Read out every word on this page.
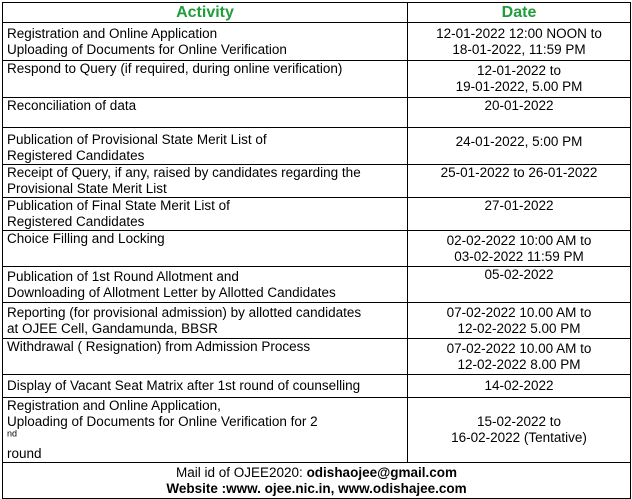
Activity	Date

Registration and Online Application
Uploading of Documents for Online Verification	12-01-2022 12:00 NOON to
18-01-2022, 11:59 PM

Respond to Query (if required, during online verification)	12-01-2022 to
19-01-2022, 5.00 PM

Reconciliation of data	20-01-2022

Publication of Provisional State Merit List of
Registered Candidates	24-01-2022, 5:00 PM

Receipt of Query, if any, raised by candidates regarding the
Provisional State Merit List	25-01-2022 to 26-01-2022

Publication of Final State Merit List of
Registered Candidates	27-01-2022

Choice Filling and Locking	02-02-2022 10:00 AM to
03-02-2022 11:59 PM

Publication of 1st Round Allotment and
Downloading of Allotment Letter by Allotted Candidates	05-02-2022

Reporting (for provisional admission) by allotted candidates
at OJEE Cell, Gandamunda, BBSR	07-02-2022 10.00 AM to
12-02-2022 5.00 PM

Withdrawal ( Resignation) from Admission Process	07-02-2022 10.00 AM to
12-02-2022 8.00 PM

Display of Vacant Seat Matrix after 1st round of counselling	14-02-2022

Registration and Online Application,
Uploading of Documents for Online Verification for 2
$^{nd}$
round	15-02-2022 to
16-02-2022 (Tentative)

Mail id of OJEE2020: odishaojee@gmail.com
Website :www. ojee.nic.in, www.odishajee.com	
